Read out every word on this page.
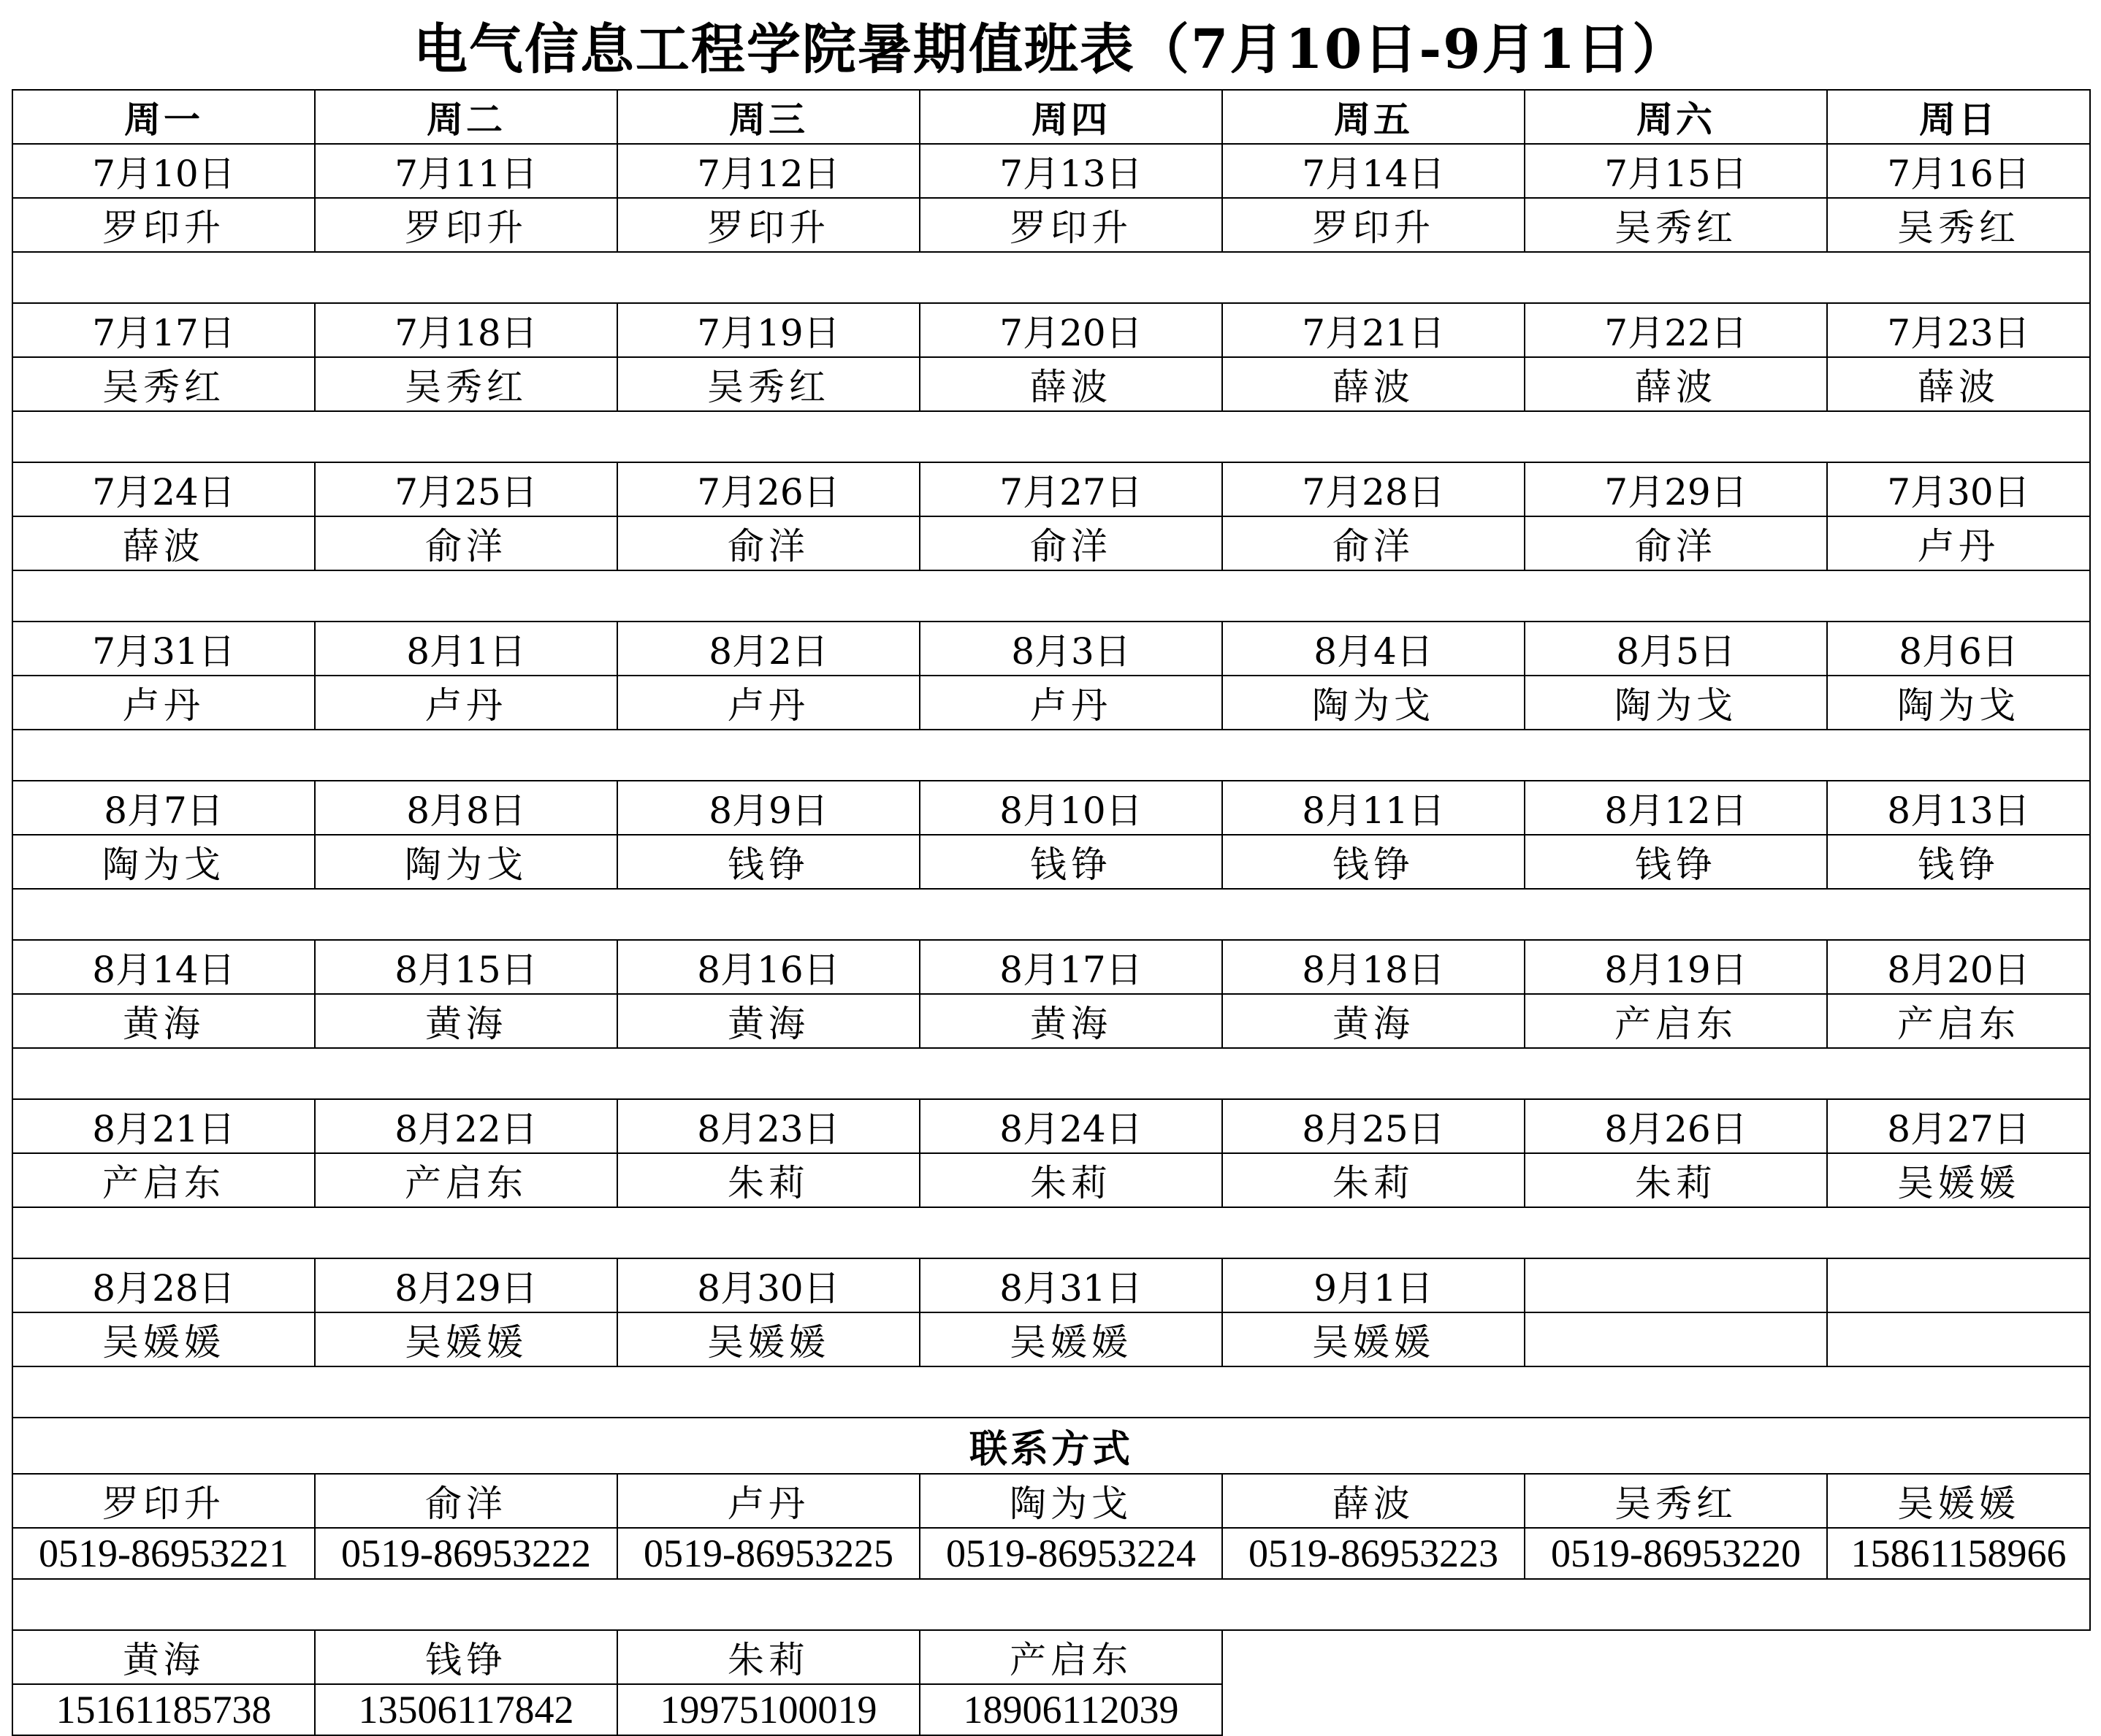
电气信息工程学院暑期值班表（7月10日-9月1日）
周一	周二	周三	周四	周五	周六	周日
7月10日	7月11日	7月12日	7月13日	7月14日	7月15日	7月16日
罗印升	罗印升	罗印升	罗印升	罗印升	吴秀红	吴秀红

7月17日	7月18日	7月19日	7月20日	7月21日	7月22日	7月23日
吴秀红	吴秀红	吴秀红	薛波	薛波	薛波	薛波

7月24日	7月25日	7月26日	7月27日	7月28日	7月29日	7月30日
薛波	俞洋	俞洋	俞洋	俞洋	俞洋	卢丹

7月31日	8月1日	8月2日	8月3日	8月4日	8月5日	8月6日
卢丹	卢丹	卢丹	卢丹	陶为戈	陶为戈	陶为戈

8月7日	8月8日	8月9日	8月10日	8月11日	8月12日	8月13日
陶为戈	陶为戈	钱铮	钱铮	钱铮	钱铮	钱铮

8月14日	8月15日	8月16日	8月17日	8月18日	8月19日	8月20日
黄海	黄海	黄海	黄海	黄海	产启东	产启东

8月21日	8月22日	8月23日	8月24日	8月25日	8月26日	8月27日
产启东	产启东	朱莉	朱莉	朱莉	朱莉	吴媛媛

8月28日	8月29日	8月30日	8月31日	9月1日		
吴媛媛	吴媛媛	吴媛媛	吴媛媛	吴媛媛		

联系方式						
罗印升	俞洋	卢丹	陶为戈	薛波	吴秀红	吴媛媛
0519-86953221	0519-86953222	0519-86953225	0519-86953224	0519-86953223	0519-86953220	15861158966

黄海	钱铮	朱莉	产启东			
15161185738	13506117842	19975100019	18906112039			
